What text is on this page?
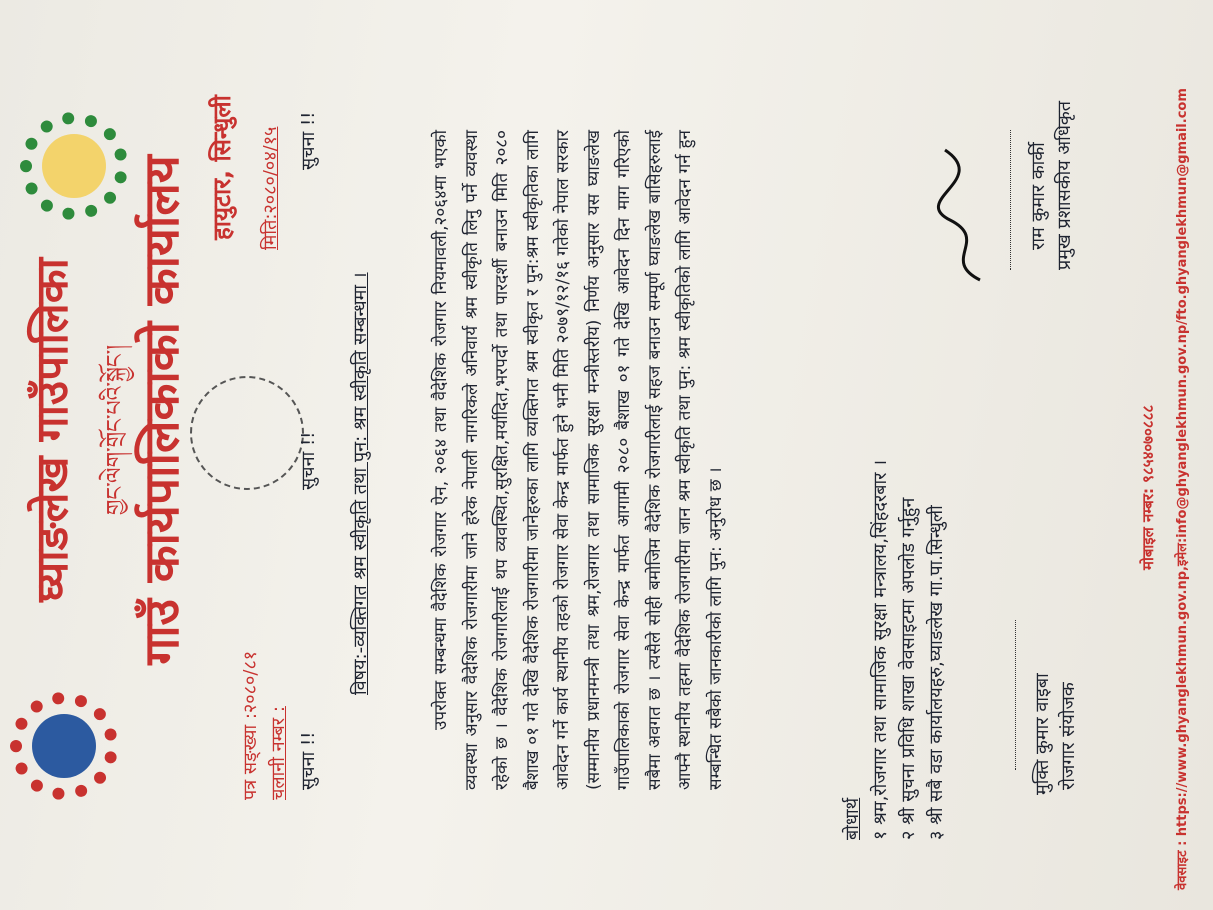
घ्याङलेख गाउँपालिका	གྱང་ལེག་གྲོང་པའི་སྐྱོང་། गाउँ कार्यपालिकाको कार्यालय हायुटार, सिन्धुली
पत्र सङ्ख्या :२०८०/८१ चलानी नम्बर :
मिति:२०८०/०४/१५
सुचना !!
सुचना !!
सुचना !!
विषय:-व्यक्तिगत श्रम स्वीकृति तथा पुन: श्रम स्वीकृति सम्बन्धमा ।	उपरोक्त सम्बन्धमा वैदेशिक रोजगार ऐन, २०६४ तथा वैदेशिक रोजगार नियमावली,२०६४मा भएको व्यवस्था अनुसार वैदेशिक रोजगारीमा जाने हरेक नेपाली नागरिकले अनिवार्य श्रम स्वीकृति लिनु पर्ने व्यवस्था रहेको छ । वैदेशिक रोजगारीलाई थप व्यवस्थित,सुरक्षित,मर्यादित,भरपर्दो तथा पारदर्शी बनाउन मिति २०८० बैशाख ०१ गते देखि वैदेशिक रोजगारीमा जानेहरुका लागि व्यक्तिगत श्रम स्वीकृत र पुन:श्रम स्वीकृतिका लागि आवेदन गर्ने कार्य स्थानीय तहको रोजगार सेवा केन्द्र मार्फत हुने भनी मिति २०७९/१२/१६ गतेको नेपाल सरकार (सम्मानीय प्रधानमन्त्री तथा श्रम,रोजगार तथा सामाजिक सुरक्षा मन्त्रीस्तरीय) निर्णय अनुसार यस घ्याङलेख गाउँपालिकाको रोजगार सेवा केन्द्र मार्फत आगामी २०८० बैशाख ०१ गते देखि आवेदन दिन माग गरिएको सबैमा अवगत छ । त्यसैले सोही बमोजिम वैदेशिक रोजगारीलाई सहज बनाउन सम्पूर्ण घ्याङलेख बासिहरुलाई आफ्नै स्थानीय तहमा वैदेशिक रोजगारीमा जान श्रम स्वीकृति तथा पुन: श्रम स्वीकृतिको लागि आवेदन गर्न हुन सम्बन्धित सबैको जानकारीको लागि पुन: अनुरोध छ ।
बोधार्थ १ श्रम,रोजगार तथा सामाजिक सुरक्षा मन्त्रालय,सिंहदरबार । २ श्री सुचना प्रविधि शाखा वेवसाइटमा अपलोड गर्नुहुन ३ श्री सबै वडा कार्यालयहरु,घ्याङलेख गा.पा.सिन्धुली	मुक्ति कुमार वाइबा रोजगार संयोजक
राम कुमार कार्की प्रमुख प्रशासकीय अधिकृत
मोबाइल नम्बर: ९८५४०७०८८८ वेवसाइट : https://www.ghyanglekhmun.gov.np,इमेल:info@ghyanglekhmun.gov.np/fto.ghyanglekhmun@gmail.com
